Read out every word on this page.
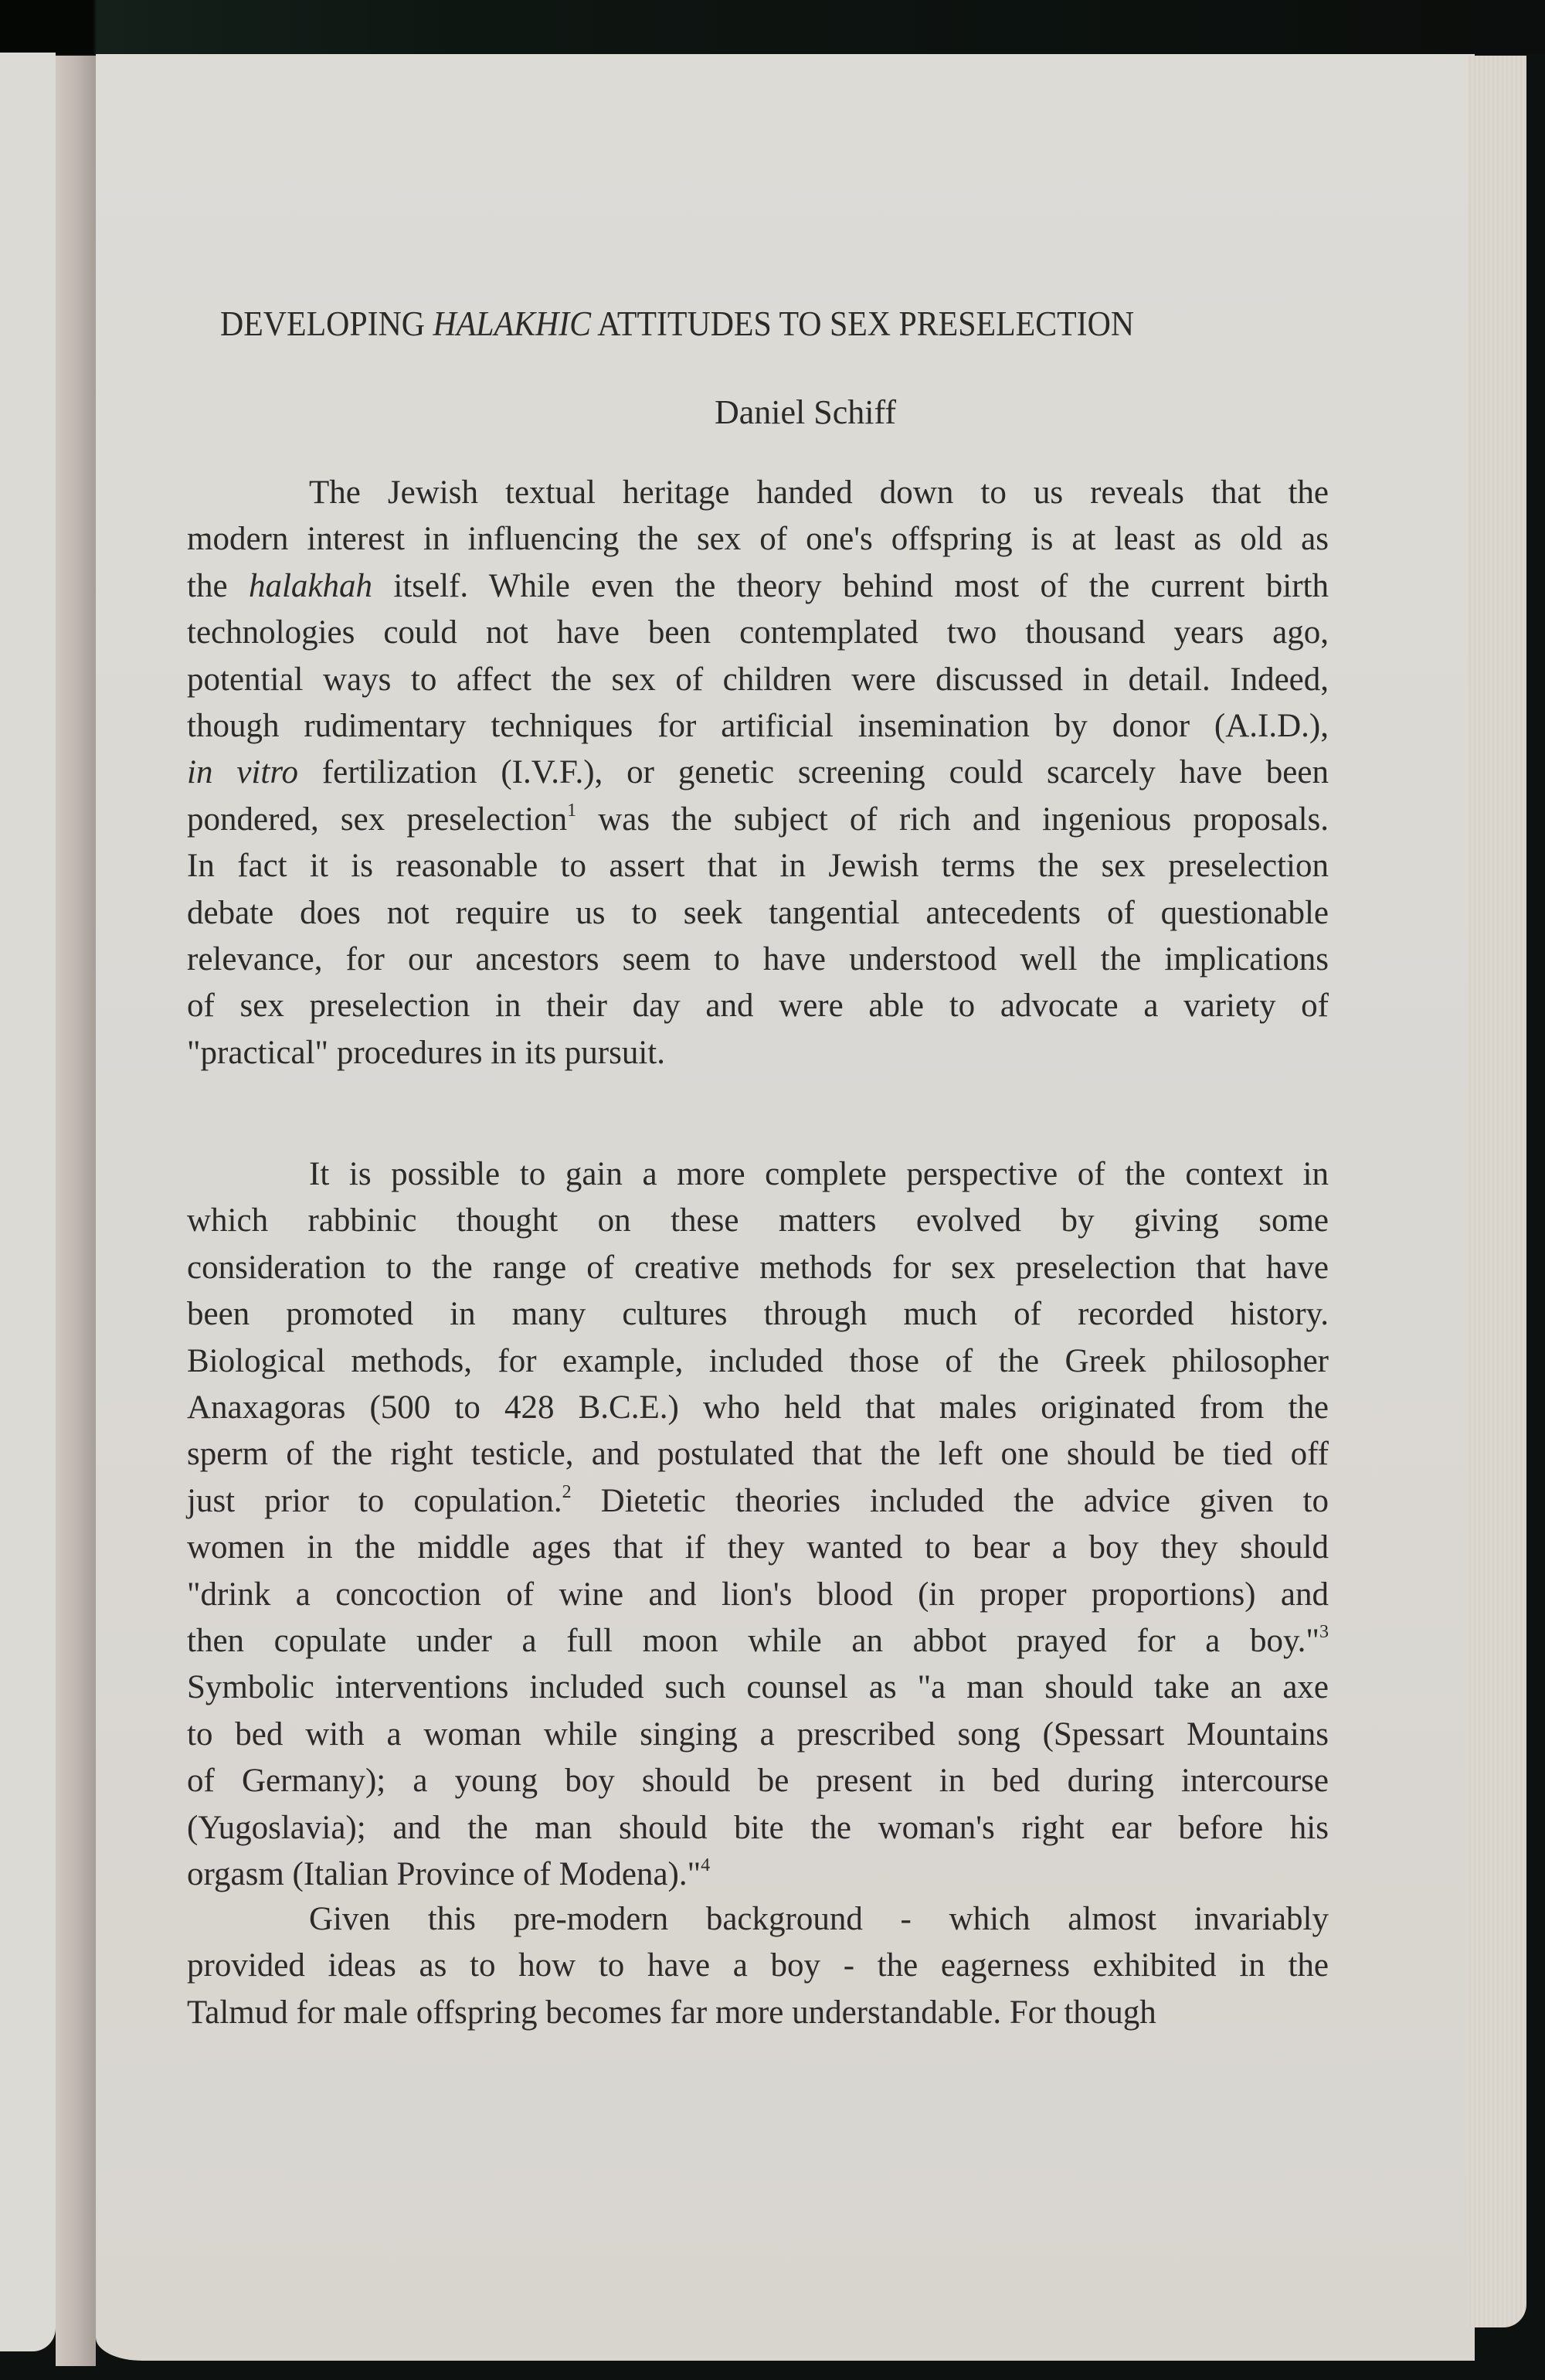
DEVELOPING HALAKHIC ATTITUDES TO SEX PRESELECTION
Daniel Schiff
The Jewish textual heritage handed down to us reveals that the
modern interest in influencing the sex of one's offspring is at least as old as
the halakhah itself. While even the theory behind most of the current birth
technologies could not have been contemplated two thousand years ago,
potential ways to affect the sex of children were discussed in detail. Indeed,
though rudimentary techniques for artificial insemination by donor (A.I.D.),
in vitro fertilization (I.V.F.), or genetic screening could scarcely have been
pondered, sex preselection$^1$ was the subject of rich and ingenious proposals.
In fact it is reasonable to assert that in Jewish terms the sex preselection
debate does not require us to seek tangential antecedents of questionable
relevance, for our ancestors seem to have understood well the implications
of sex preselection in their day and were able to advocate a variety of
"practical" procedures in its pursuit.
It is possible to gain a more complete perspective of the context in
which rabbinic thought on these matters evolved by giving some
consideration to the range of creative methods for sex preselection that have
been promoted in many cultures through much of recorded history.
Biological methods, for example, included those of the Greek philosopher
Anaxagoras (500 to 428 B.C.E.) who held that males originated from the
sperm of the right testicle, and postulated that the left one should be tied off
just prior to copulation.$^2$ Dietetic theories included the advice given to
women in the middle ages that if they wanted to bear a boy they should
"drink a concoction of wine and lion's blood (in proper proportions) and
then copulate under a full moon while an abbot prayed for a boy."$^3$
Symbolic interventions included such counsel as "a man should take an axe
to bed with a woman while singing a prescribed song (Spessart Mountains
of Germany); a young boy should be present in bed during intercourse
(Yugoslavia); and the man should bite the woman's right ear before his
orgasm (Italian Province of Modena)."$^4$
Given this pre-modern background - which almost invariably
provided ideas as to how to have a boy - the eagerness exhibited in the
Talmud for male offspring becomes far more understandable. For though
